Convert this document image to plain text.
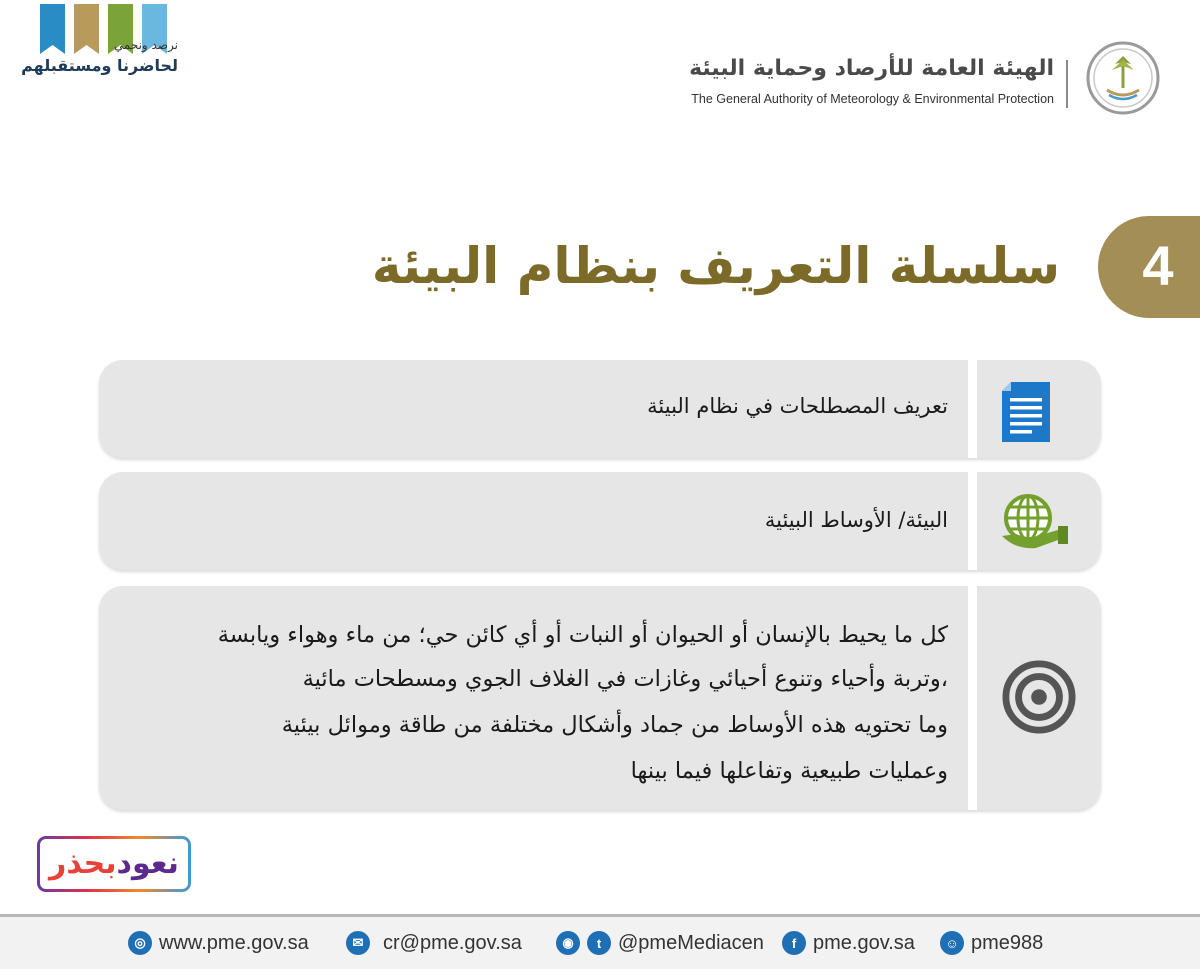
نرصد ونحمي
لحاضرنا ومستقبلهم	الهيئة العامة للأرصاد وحماية البيئة
The General Authority of Meteorology & Environmental Protection
4
سلسلة التعريف بنظام البيئة
تعريف المصطلحات في نظام البيئة
البيئة/ الأوساط البيئية
كل ما يحيط بالإنسان أو الحيوان أو النبات أو أي كائن حي؛ من ماء وهواء ويابسة
،وتربة وأحياء وتنوع أحيائي وغازات في الغلاف الجوي ومسطحات مائية
وما تحتويه هذه الأوساط من جماد وأشكال مختلفة من طاقة وموائل بيئية
وعمليات طبيعية وتفاعلها فيما بينها
نعود
بحذر
◎ www.pme.gov.sa	✉ cr@pme.gov.sa	◉	t @pmeMediacen	f pme.gov.sa	☺ pme988
